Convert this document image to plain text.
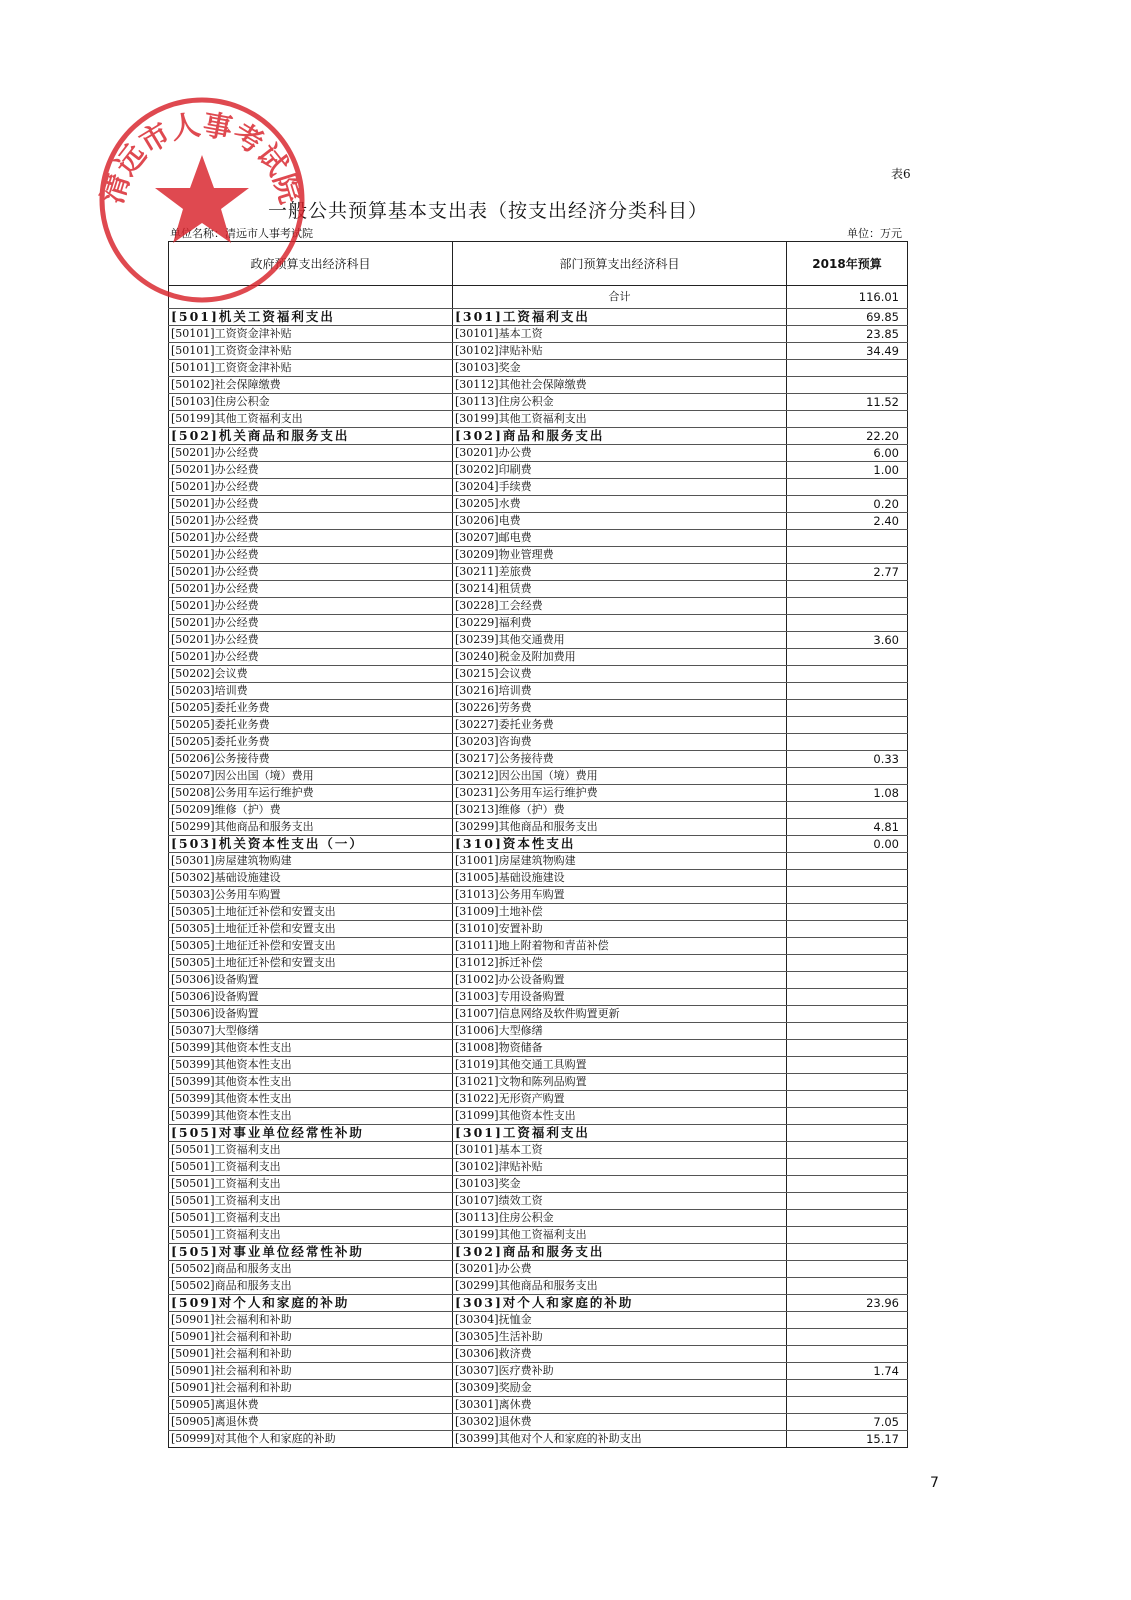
表6
一般公共预算基本支出表（按支出经济分类科目）
单位名称：清远市人事考试院	单位：万元
政府预算支出经济科目	部门预算支出经济科目	2018年预算
	合计	116.01
[501]机关工资福利支出	[301]工资福利支出	69.85
[50101]工资资金津补贴	[30101]基本工资	23.85
[50101]工资资金津补贴	[30102]津贴补贴	34.49
[50101]工资资金津补贴	[30103]奖金	
[50102]社会保障缴费	[30112]其他社会保障缴费	
[50103]住房公积金	[30113]住房公积金	11.52
[50199]其他工资福利支出	[30199]其他工资福利支出	
[502]机关商品和服务支出	[302]商品和服务支出	22.20
[50201]办公经费	[30201]办公费	6.00
[50201]办公经费	[30202]印刷费	1.00
[50201]办公经费	[30204]手续费	
[50201]办公经费	[30205]水费	0.20
[50201]办公经费	[30206]电费	2.40
[50201]办公经费	[30207]邮电费	
[50201]办公经费	[30209]物业管理费	
[50201]办公经费	[30211]差旅费	2.77
[50201]办公经费	[30214]租赁费	
[50201]办公经费	[30228]工会经费	
[50201]办公经费	[30229]福利费	
[50201]办公经费	[30239]其他交通费用	3.60
[50201]办公经费	[30240]税金及附加费用	
[50202]会议费	[30215]会议费	
[50203]培训费	[30216]培训费	
[50205]委托业务费	[30226]劳务费	
[50205]委托业务费	[30227]委托业务费	
[50205]委托业务费	[30203]咨询费	
[50206]公务接待费	[30217]公务接待费	0.33
[50207]因公出国（境）费用	[30212]因公出国（境）费用	
[50208]公务用车运行维护费	[30231]公务用车运行维护费	1.08
[50209]维修（护）费	[30213]维修（护）费	
[50299]其他商品和服务支出	[30299]其他商品和服务支出	4.81
[503]机关资本性支出（一）	[310]资本性支出	0.00
[50301]房屋建筑物购建	[31001]房屋建筑物购建	
[50302]基础设施建设	[31005]基础设施建设	
[50303]公务用车购置	[31013]公务用车购置	
[50305]土地征迁补偿和安置支出	[31009]土地补偿	
[50305]土地征迁补偿和安置支出	[31010]安置补助	
[50305]土地征迁补偿和安置支出	[31011]地上附着物和青苗补偿	
[50305]土地征迁补偿和安置支出	[31012]拆迁补偿	
[50306]设备购置	[31002]办公设备购置	
[50306]设备购置	[31003]专用设备购置	
[50306]设备购置	[31007]信息网络及软件购置更新	
[50307]大型修缮	[31006]大型修缮	
[50399]其他资本性支出	[31008]物资储备	
[50399]其他资本性支出	[31019]其他交通工具购置	
[50399]其他资本性支出	[31021]文物和陈列品购置	
[50399]其他资本性支出	[31022]无形资产购置	
[50399]其他资本性支出	[31099]其他资本性支出	
[505]对事业单位经常性补助	[301]工资福利支出	
[50501]工资福利支出	[30101]基本工资	
[50501]工资福利支出	[30102]津贴补贴	
[50501]工资福利支出	[30103]奖金	
[50501]工资福利支出	[30107]绩效工资	
[50501]工资福利支出	[30113]住房公积金	
[50501]工资福利支出	[30199]其他工资福利支出	
[505]对事业单位经常性补助	[302]商品和服务支出	
[50502]商品和服务支出	[30201]办公费	
[50502]商品和服务支出	[30299]其他商品和服务支出	
[509]对个人和家庭的补助	[303]对个人和家庭的补助	23.96
[50901]社会福利和补助	[30304]抚恤金	
[50901]社会福利和补助	[30305]生活补助	
[50901]社会福利和补助	[30306]救济费	
[50901]社会福利和补助	[30307]医疗费补助	1.74
[50901]社会福利和补助	[30309]奖励金	
[50905]离退休费	[30301]离休费	
[50905]离退休费	[30302]退休费	7.05
[50999]对其他个人和家庭的补助	[30399]其他对个人和家庭的补助支出	15.17
清远市人事考试院
7
